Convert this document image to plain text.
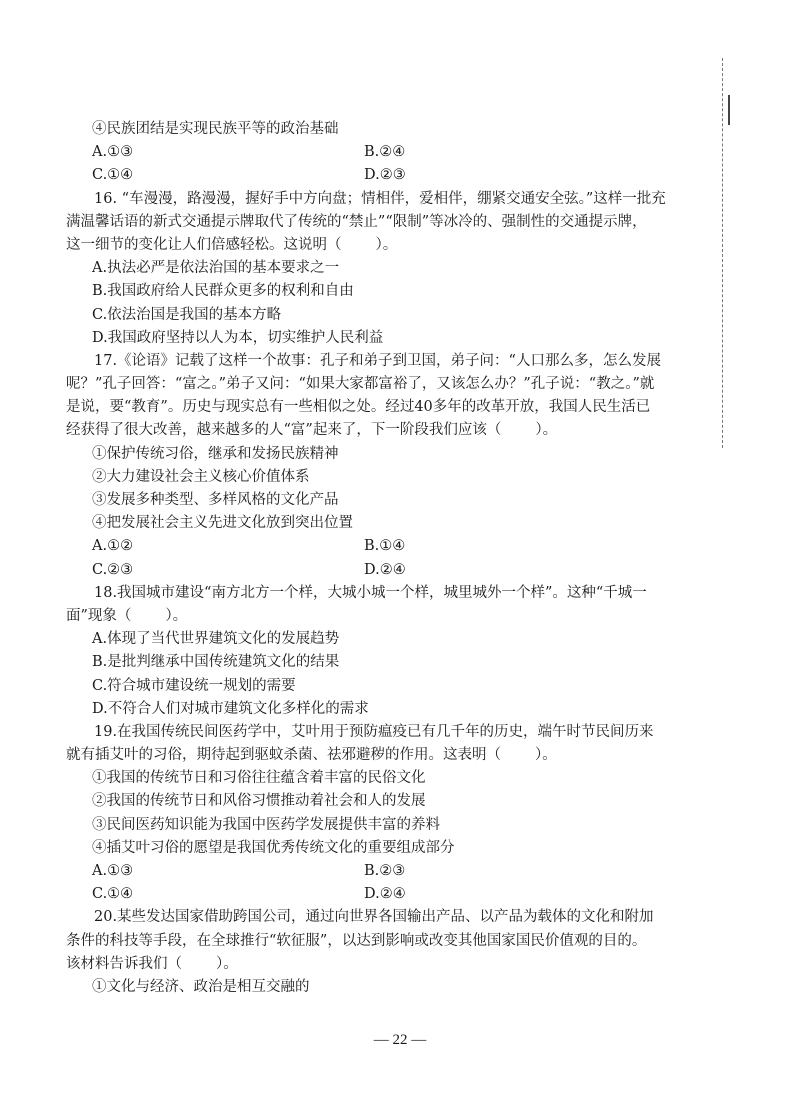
④民族团结是实现民族平等的政治基础
A.①③	B.②④
C.①④	D.②③
16. “车漫漫，路漫漫，握好手中方向盘；情相伴，爱相伴，绷紧交通安全弦。”这样一批充
满温馨话语的新式交通提示牌取代了传统的“禁止”“限制”等冰冷的、强制性的交通提示牌，
这一细节的变化让人们倍感轻松。这说明（ ）。
A.执法必严是依法治国的基本要求之一
B.我国政府给人民群众更多的权利和自由
C.依法治国是我国的基本方略
D.我国政府坚持以人为本，切实维护人民利益
17.《论语》记载了这样一个故事：孔子和弟子到卫国，弟子问：“人口那么多，怎么发展
呢？”孔子回答：“富之。”弟子又问：“如果大家都富裕了，又该怎么办？”孔子说：“教之。”就
是说，要“教育”。历史与现实总有一些相似之处。经过40多年的改革开放，我国人民生活已
经获得了很大改善，越来越多的人“富”起来了，下一阶段我们应该（ ）。
①保护传统习俗，继承和发扬民族精神
②大力建设社会主义核心价值体系
③发展多种类型、多样风格的文化产品
④把发展社会主义先进文化放到突出位置
A.①②	B.①④
C.②③	D.②④
18.我国城市建设“南方北方一个样，大城小城一个样，城里城外一个样”。这种“千城一
面”现象（ ）。
A.体现了当代世界建筑文化的发展趋势
B.是批判继承中国传统建筑文化的结果
C.符合城市建设统一规划的需要
D.不符合人们对城市建筑文化多样化的需求
19.在我国传统民间医药学中，艾叶用于预防瘟疫已有几千年的历史，端午时节民间历来
就有插艾叶的习俗，期待起到驱蚊杀菌、祛邪避秽的作用。这表明（ ）。
①我国的传统节日和习俗往往蕴含着丰富的民俗文化
②我国的传统节日和风俗习惯推动着社会和人的发展
③民间医药知识能为我国中医药学发展提供丰富的养料
④插艾叶习俗的愿望是我国优秀传统文化的重要组成部分
A.①③	B.②③
C.①④	D.②④
20.某些发达国家借助跨国公司，通过向世界各国输出产品、以产品为载体的文化和附加
条件的科技等手段，在全球推行“软征服”，以达到影响或改变其他国家国民价值观的目的。
该材料告诉我们（ ）。
①文化与经济、政治是相互交融的
— 22 —
